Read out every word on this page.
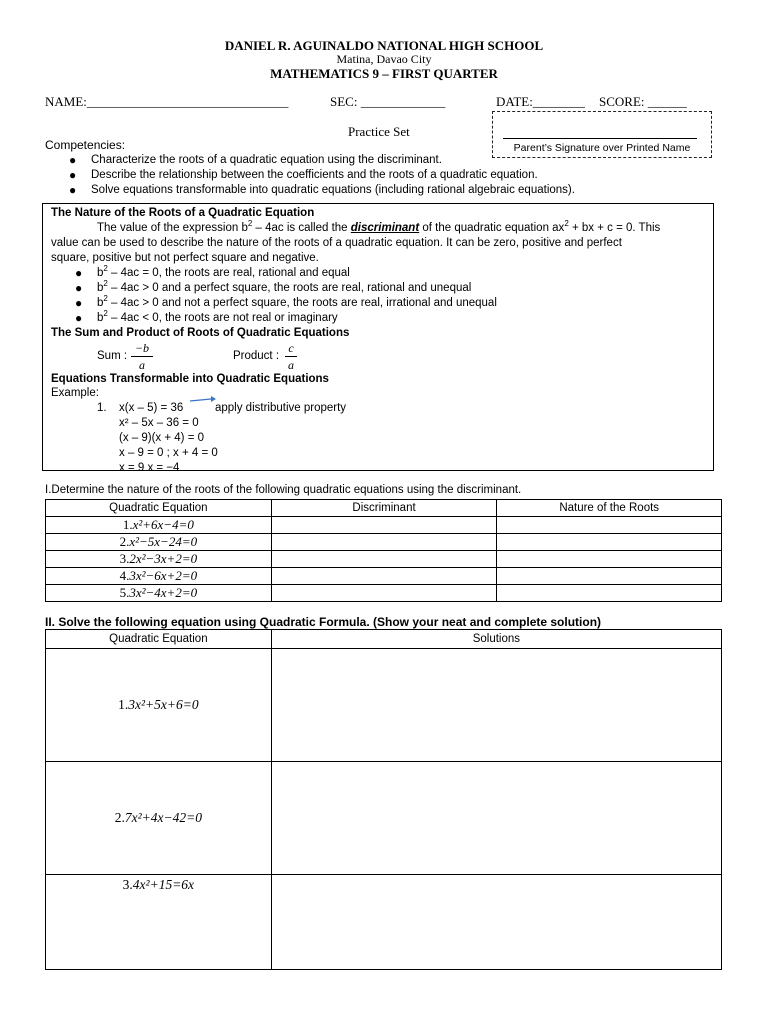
DANIEL R. AGUINALDO NATIONAL HIGH SCHOOL
Matina, Davao City
MATHEMATICS 9 – FIRST QUARTER
NAME:_______________________________	SEC: _____________	DATE:________ SCORE: ______
Practice Set
Parent’s Signature over Printed Name
Competencies:
● Characterize the roots of a quadratic equation using the discriminant.
● Describe the relationship between the coefficients and the roots of a quadratic equation.
● Solve equations transformable into quadratic equations (including rational algebraic equations).
The Nature of the Roots of a Quadratic Equation
The value of the expression $b^2 - 4ac$ is called the discriminant of the quadratic equation $ax^2$ + bx + c = 0. This
value can be used to describe the nature of the roots of a quadratic equation. It can be zero, positive and perfect
square, positive but not perfect square and negative.
● $b^2 - 4ac = 0$, the roots are real, rational and equal
● $b^2 - 4ac > 0$ and a perfect square, the roots are real, rational and unequal
● $b^2 - 4ac > 0$ and not a perfect square, the roots are real, irrational and unequal
● $b^2 - 4ac < 0$, the roots are not real or imaginary
The Sum and Product of Roots of Quadratic Equations
Sum :
−b
a
Product :
c
a
Equations Transformable into Quadratic Equations
Example:
1. x(x – 5) = 36	apply distributive property
x² – 5x – 36 = 0
(x – 9)(x + 4) = 0
x – 9 = 0 ; x + 4 = 0
x = 9 x = −4
I.Determine the nature of the roots of the following quadratic equations using the discriminant.
Quadratic Equation	Discriminant	Nature of the Roots
1.x²+6x−4=0		
2.x²−5x−24=0		
3.2x²−3x+2=0		
4.3x²−6x+2=0		
5.3x²−4x+2=0		
II. Solve the following equation using Quadratic Formula. (Show your neat and complete solution)
Quadratic Equation	Solutions
1.3x²+5x+6=0	
2.7x²+4x−42=0	
3.4x²+15=6x	
